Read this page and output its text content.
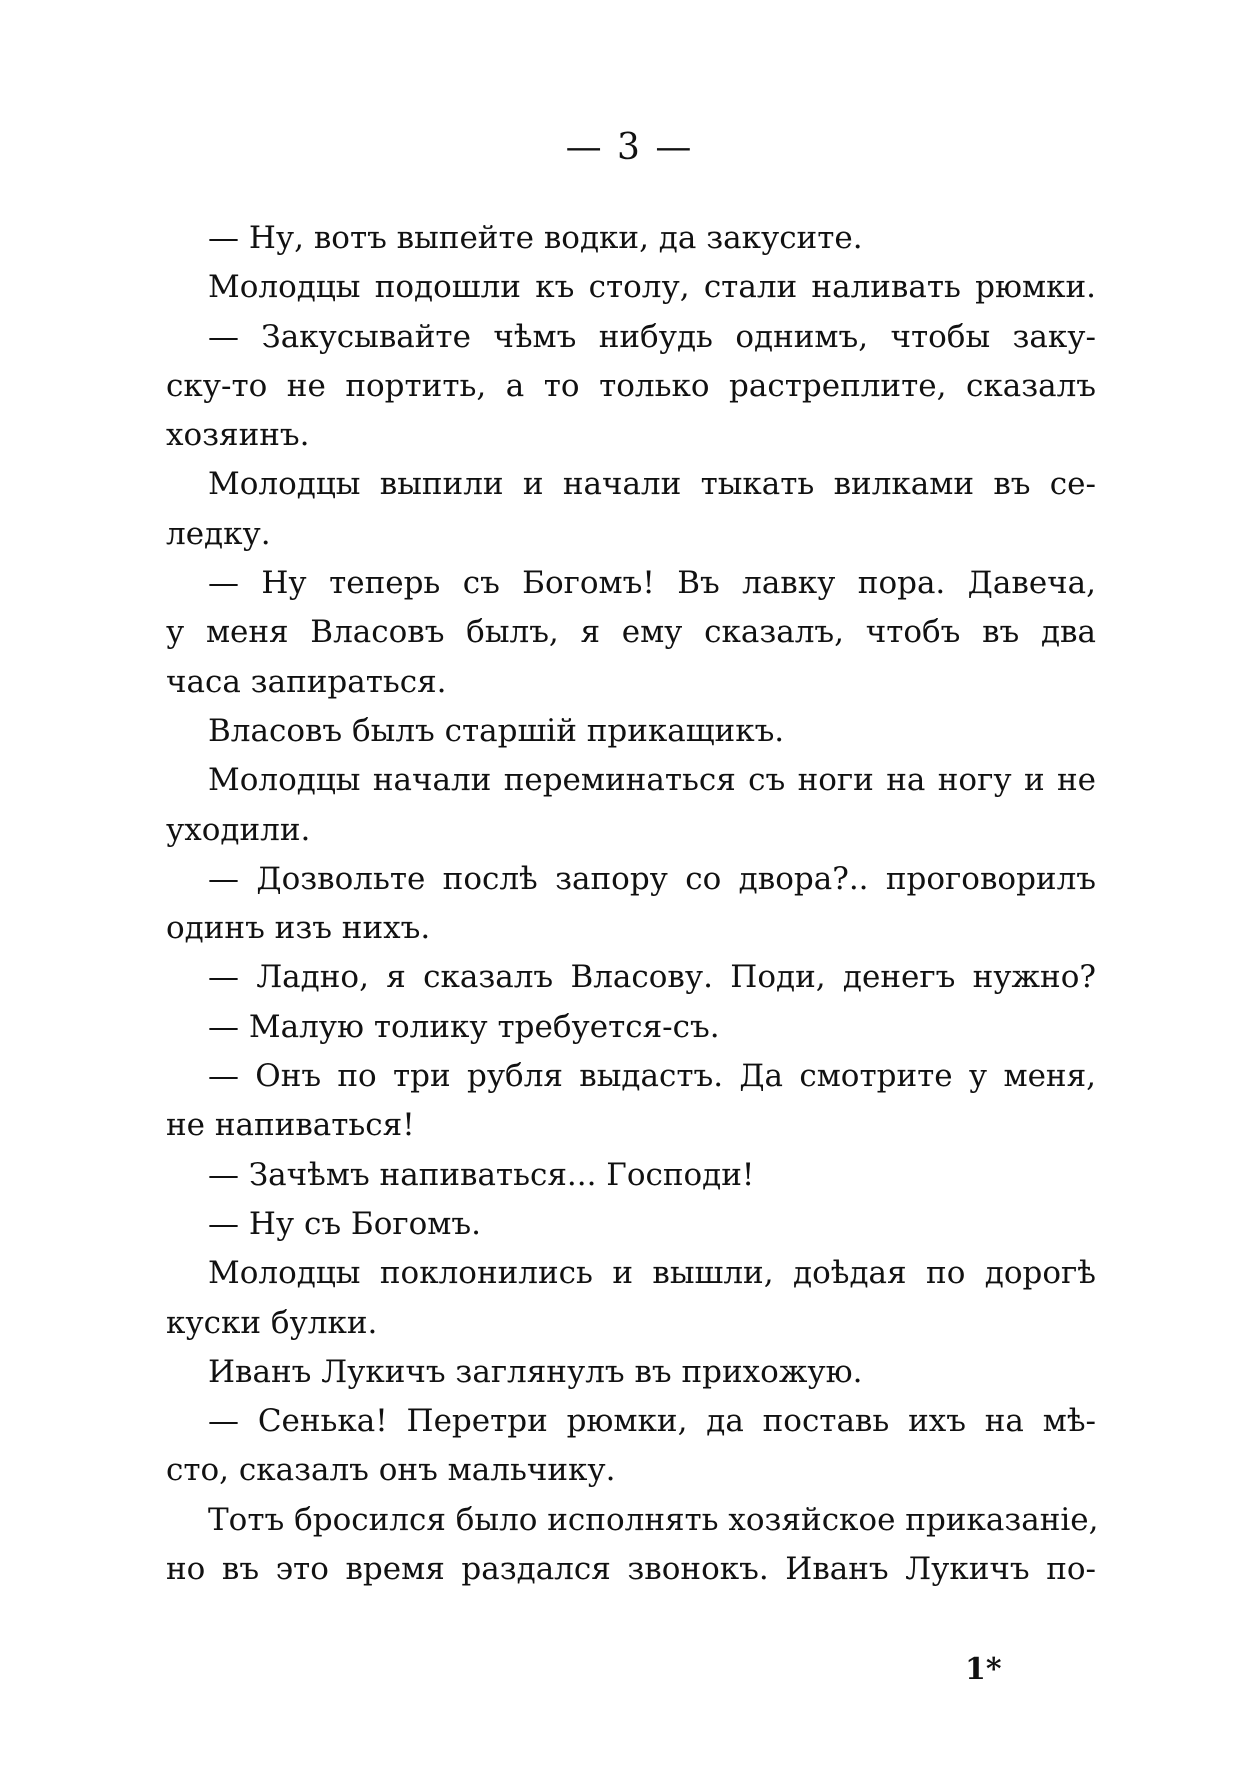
— 3 —
— Ну, вотъ выпейте водки, да закусите.
Молодцы подошли къ столу, стали наливать рюмки.
— Закусывайте чѣмъ нибудь однимъ, чтобы заку-
ску-то не портить, а то только растреплите, сказалъ
хозяинъ.
Молодцы выпили и начали тыкать вилками въ се-
ледку.
— Ну теперь съ Богомъ! Въ лавку пора. Давеча,
у меня Власовъ былъ, я ему сказалъ, чтобъ въ два
часа запираться.
Власовъ былъ старшій прикащикъ.
Молодцы начали переминаться съ ноги на ногу и не
уходили.
— Дозвольте послѣ запору со двора?.. проговорилъ
одинъ изъ нихъ.
— Ладно, я сказалъ Власову. Поди, денегъ нужно?
— Малую толику требуется-съ.
— Онъ по три рубля выдастъ. Да смотрите у меня,
не напиваться!
— Зачѣмъ напиваться... Господи!
— Ну съ Богомъ.
Молодцы поклонились и вышли, доѣдая по дорогѣ
куски булки.
Иванъ Лукичъ заглянулъ въ прихожую.
— Сенька! Перетри рюмки, да поставь ихъ на мѣ-
сто, сказалъ онъ мальчику.
Тотъ бросился было исполнять хозяйское приказаніе,
но въ это время раздался звонокъ. Иванъ Лукичъ по-
1*
